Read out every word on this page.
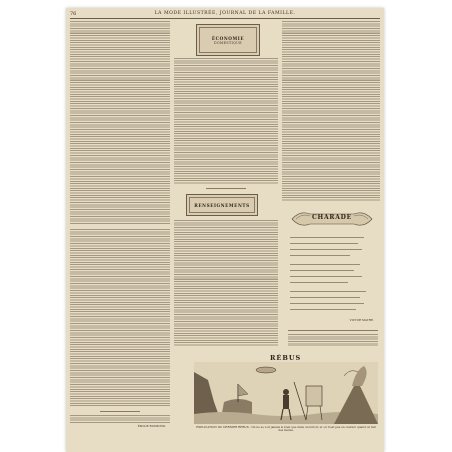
76	LA MODE ILLUSTRÉE, JOURNAL DE LA FAMILLE.
ÉMILIE RAYMOND.
ÉCONOMIE
DOMESTIQUE
RENSEIGNEMENTS
CHARADE
VICTOR MATHÉ.
RÉBUS
EXPLICATION DU DERNIER RÉBUS : On ne se voit jamais si bien que dans un miroir, et on n'est pas en caution quand on fait des fautes.
